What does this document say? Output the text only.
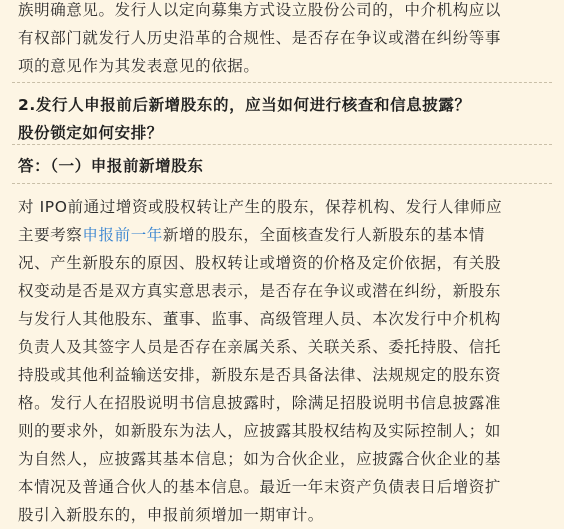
族明确意见。发行人以定向募集方式设立股份公司的，中介机构应以
有权部门就发行人历史沿革的合规性、是否存在争议或潜在纠纷等事
项的意见作为其发表意见的依据。

2.发行人申报前后新增股东的，应当如何进行核查和信息披露？
股份锁定如何安排？

答：（一）申报前新增股东

对 IPO前通过增资或股权转让产生的股东，保荐机构、发行人律师应
主要考察申报前一年新增的股东，全面核查发行人新股东的基本情
况、产生新股东的原因、股权转让或增资的价格及定价依据，有关股
权变动是否是双方真实意思表示，是否存在争议或潜在纠纷，新股东
与发行人其他股东、董事、监事、高级管理人员、本次发行中介机构
负责人及其签字人员是否存在亲属关系、关联关系、委托持股、信托
持股或其他利益输送安排，新股东是否具备法律、法规规定的股东资
格。发行人在招股说明书信息披露时，除满足招股说明书信息披露准
则的要求外，如新股东为法人，应披露其股权结构及实际控制人；如
为自然人，应披露其基本信息；如为合伙企业，应披露合伙企业的基
本情况及普通合伙人的基本信息。最近一年末资产负债表日后增资扩
股引入新股东的，申报前须增加一期审计。
